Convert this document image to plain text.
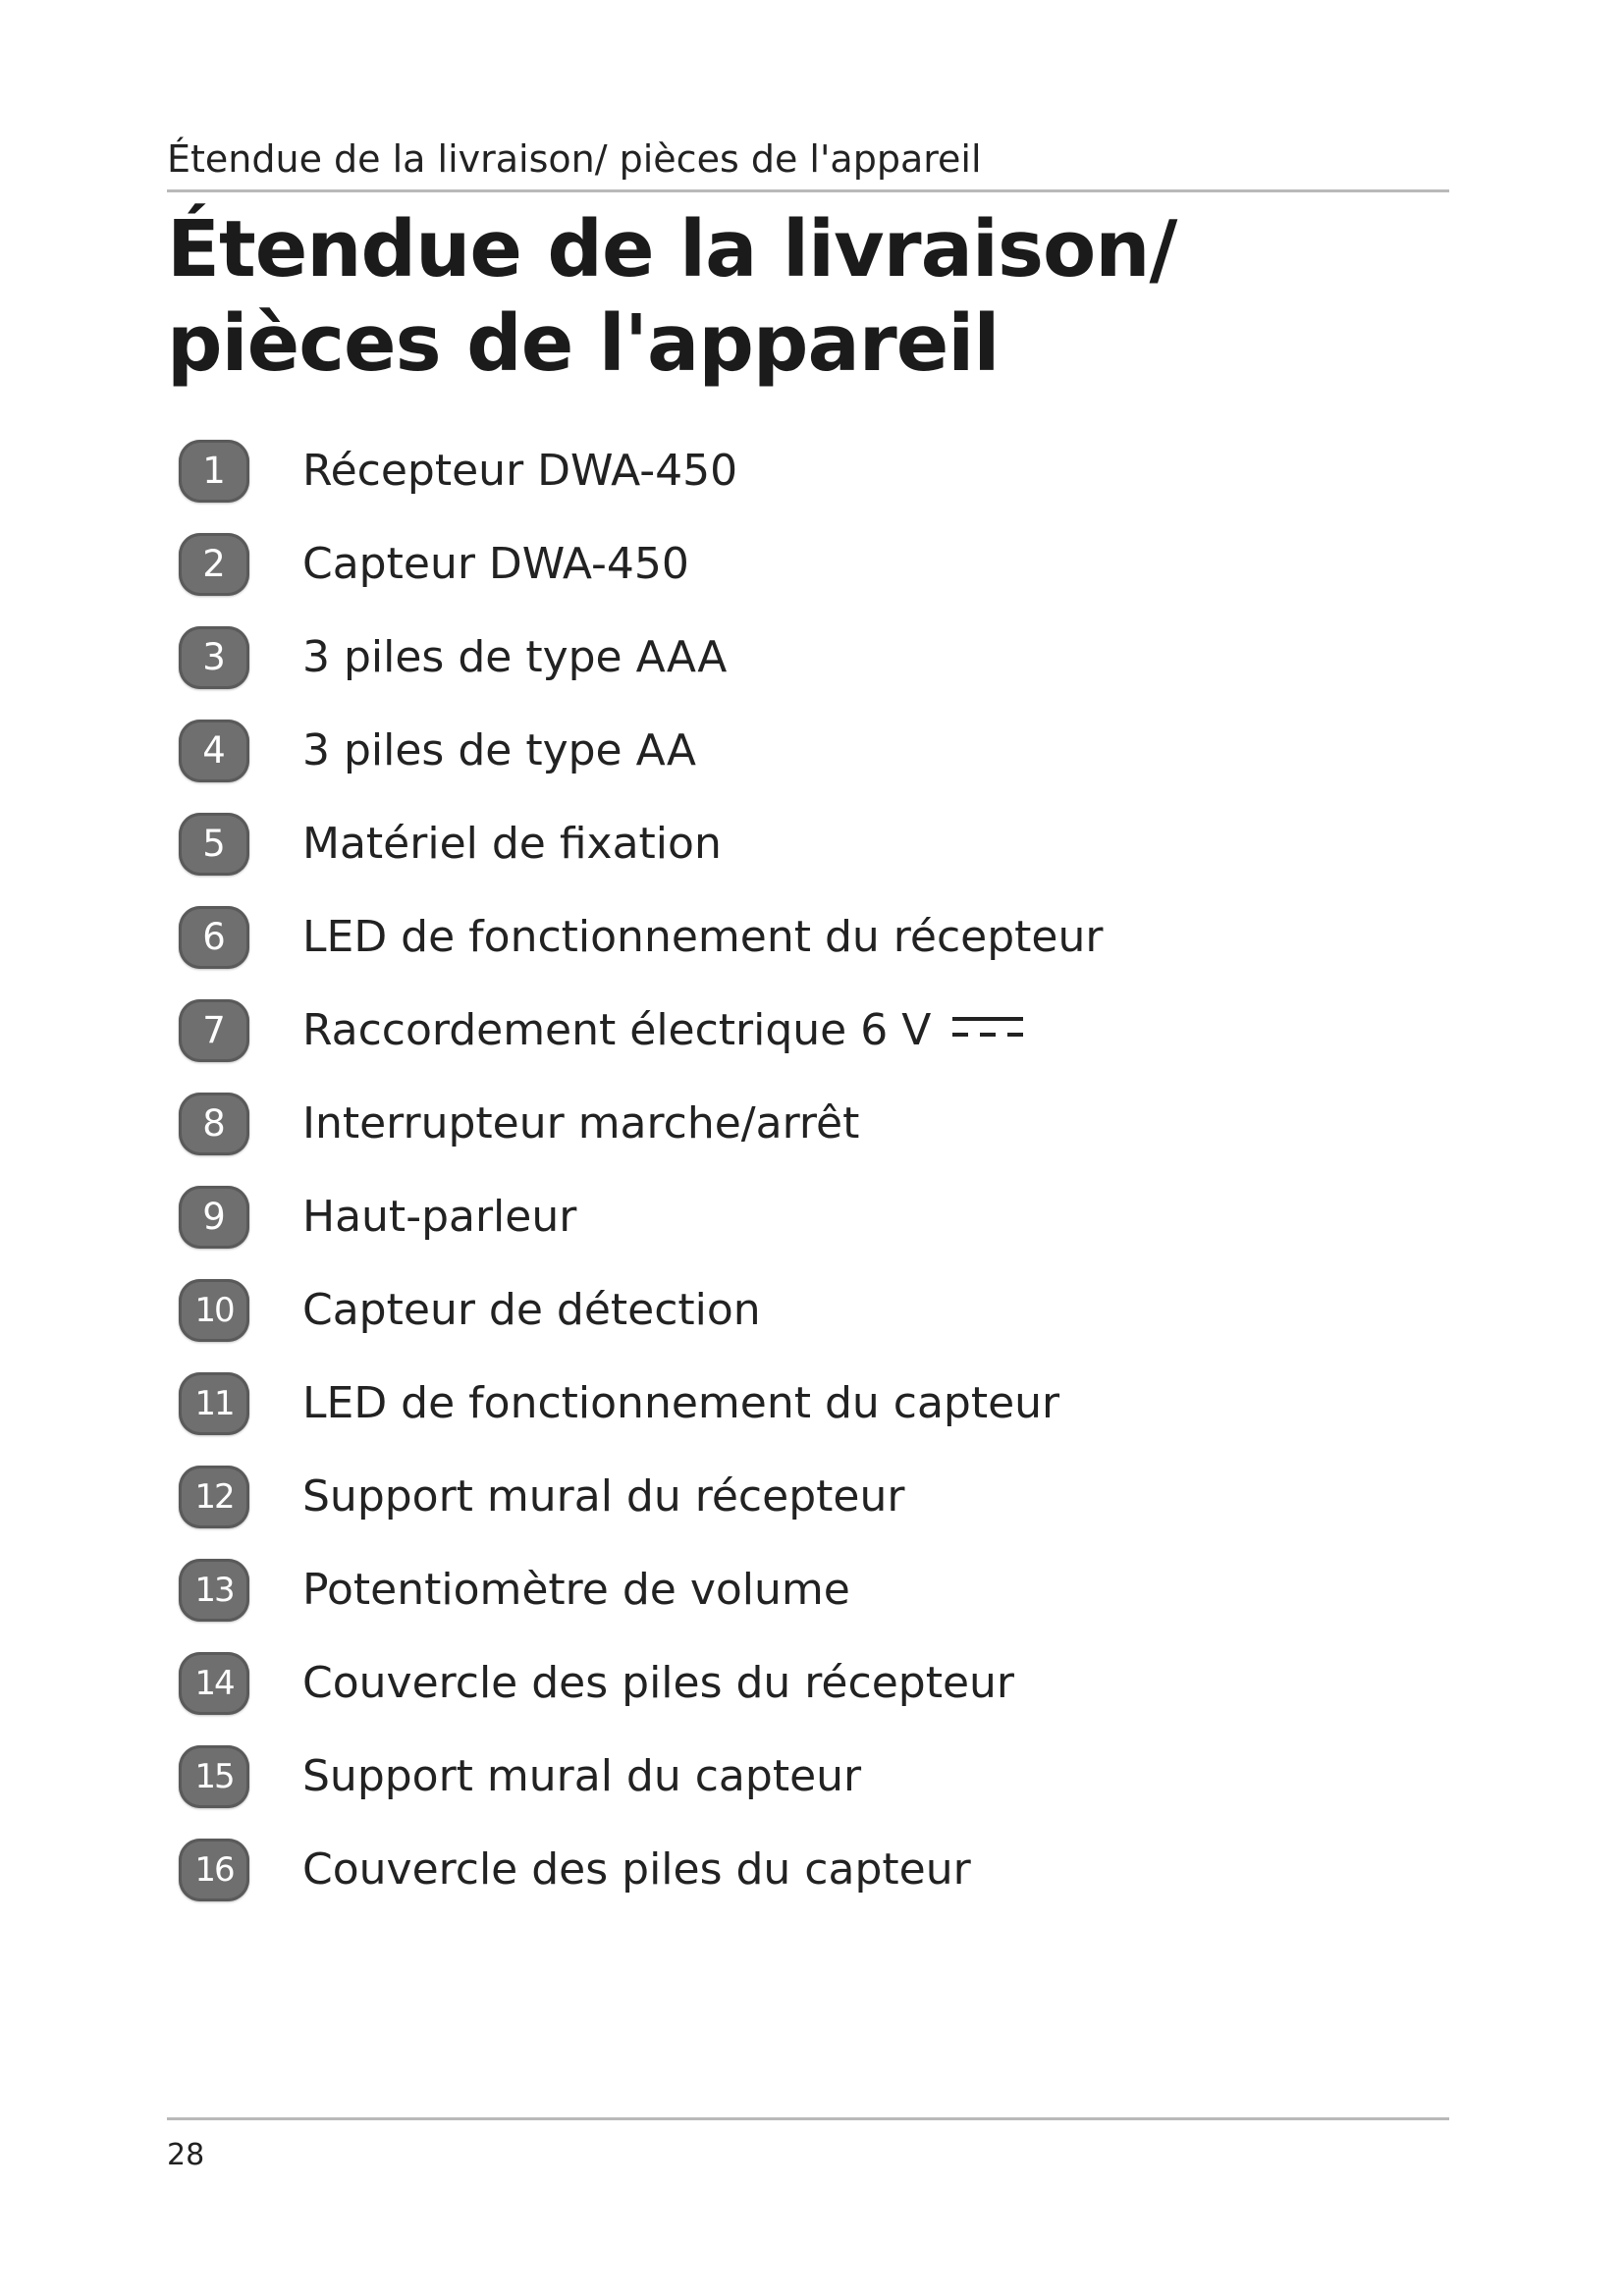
Étendue de la livraison/ pièces de l'appareil
Étendue de la livraison/ pièces de l'appareil
1	Récepteur DWA-450
2	Capteur DWA-450
3	3 piles de type AAA
4	3 piles de type AA
5	Matériel de fixation
6	LED de fonctionnement du récepteur
7	Raccordement électrique 6 V
8	Interrupteur marche/arrêt
9	Haut-parleur
10	Capteur de détection
11	LED de fonctionnement du capteur
12	Support mural du récepteur
13	Potentiomètre de volume
14	Couvercle des piles du récepteur
15	Support mural du capteur
16	Couvercle des piles du capteur
28
